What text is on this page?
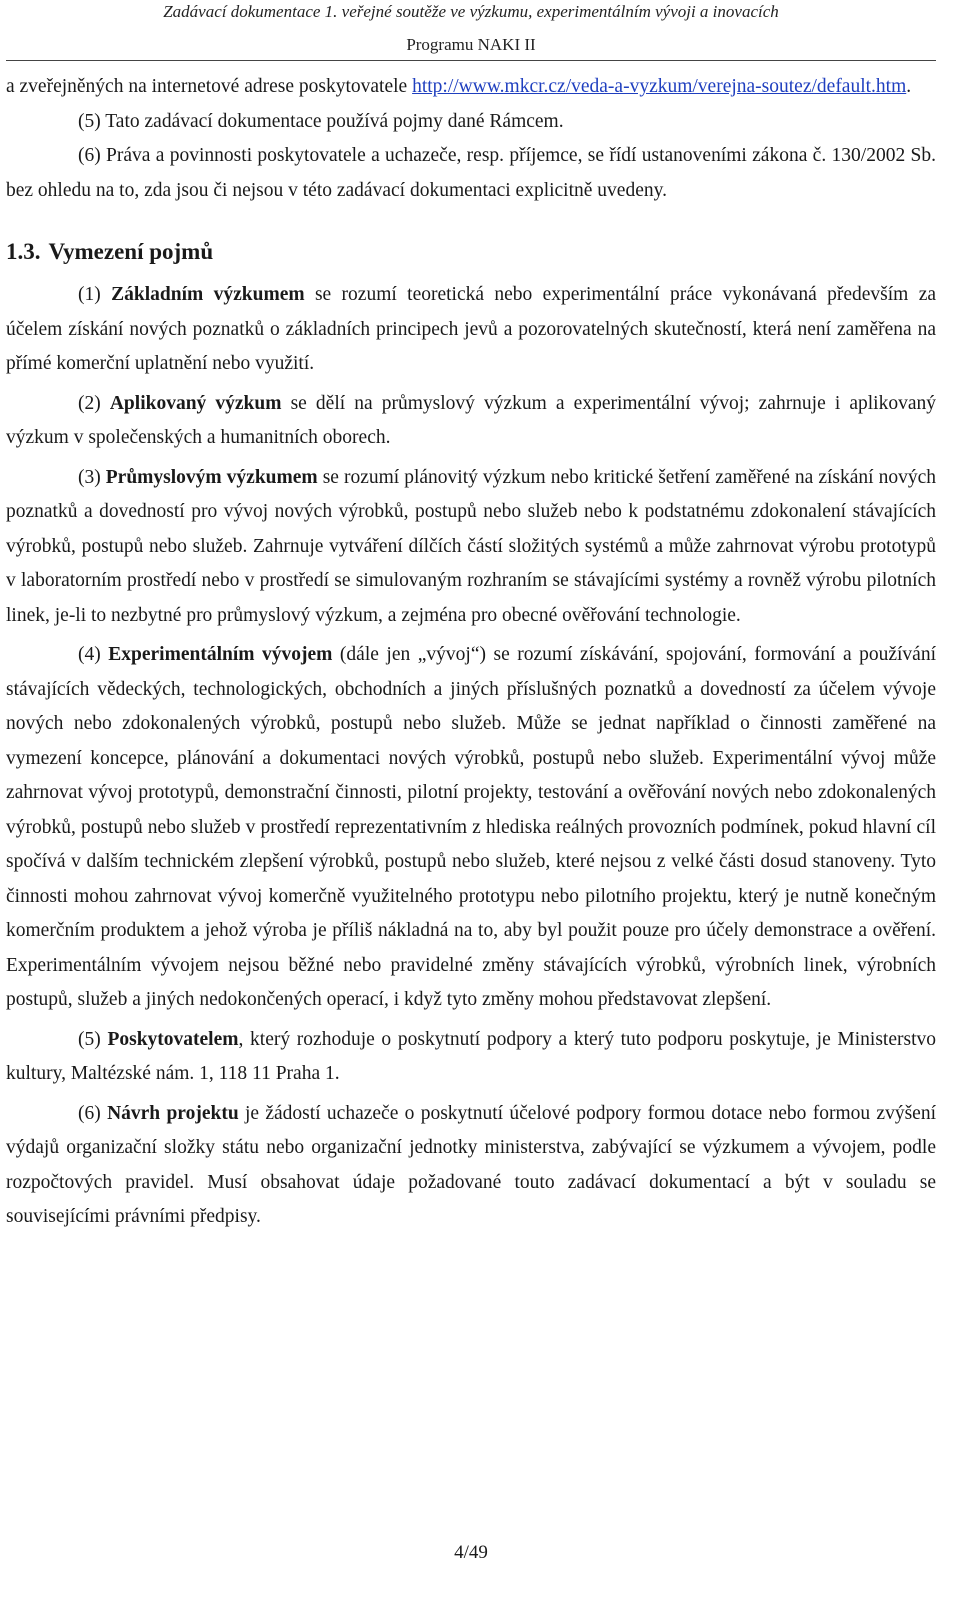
Zadávací dokumentace 1. veřejné soutěže ve výzkumu, experimentálním vývoji a inovacích
Programu NAKI II

a zveřejněných na internetové adrese poskytovatele http://www.mkcr.cz/veda-a-vyzkum/verejna-soutez/default.htm.

(5) Tato zadávací dokumentace používá pojmy dané Rámcem.

(6) Práva a povinnosti poskytovatele a uchazeče, resp. příjemce, se řídí ustanoveními zákona č. 130/2002 Sb. bez ohledu na to, zda jsou či nejsou v této zadávací dokumentaci explicitně uvedeny.

1.3. Vymezení pojmů

(1) Základním výzkumem se rozumí teoretická nebo experimentální práce vykonávaná především za účelem získání nových poznatků o základních principech jevů a pozorovatelných skutečností, která není zaměřena na přímé komerční uplatnění nebo využití.

(2) Aplikovaný výzkum se dělí na průmyslový výzkum a experimentální vývoj; zahrnuje i aplikovaný výzkum v společenských a humanitních oborech.

(3) Průmyslovým výzkumem se rozumí plánovitý výzkum nebo kritické šetření zaměřené na získání nových poznatků a dovedností pro vývoj nových výrobků, postupů nebo služeb nebo k podstatnému zdokonalení stávajících výrobků, postupů nebo služeb. Zahrnuje vytváření dílčích částí složitých systémů a může zahrnovat výrobu prototypů v laboratorním prostředí nebo v prostředí se simulovaným rozhraním se stávajícími systémy a rovněž výrobu pilotních linek, je-li to nezbytné pro průmyslový výzkum, a zejména pro obecné ověřování technologie.

(4) Experimentálním vývojem (dále jen „vývoj“) se rozumí získávání, spojování, formování a používání stávajících vědeckých, technologických, obchodních a jiných příslušných poznatků a dovedností za účelem vývoje nových nebo zdokonalených výrobků, postupů nebo služeb. Může se jednat například o činnosti zaměřené na vymezení koncepce, plánování a dokumentaci nových výrobků, postupů nebo služeb. Experimentální vývoj může zahrnovat vývoj prototypů, demonstrační činnosti, pilotní projekty, testování a ověřování nových nebo zdokonalených výrobků, postupů nebo služeb v prostředí reprezentativním z hlediska reálných provozních podmínek, pokud hlavní cíl spočívá v dalším technickém zlepšení výrobků, postupů nebo služeb, které nejsou z velké části dosud stanoveny. Tyto činnosti mohou zahrnovat vývoj komerčně využitelného prototypu nebo pilotního projektu, který je nutně konečným komerčním produktem a jehož výroba je příliš nákladná na to, aby byl použit pouze pro účely demonstrace a ověření. Experimentálním vývojem nejsou běžné nebo pravidelné změny stávajících výrobků, výrobních linek, výrobních postupů, služeb a jiných nedokončených operací, i když tyto změny mohou představovat zlepšení.

(5) Poskytovatelem, který rozhoduje o poskytnutí podpory a který tuto podporu poskytuje, je Ministerstvo kultury, Maltézské nám. 1, 118 11 Praha 1.

(6) Návrh projektu je žádostí uchazeče o poskytnutí účelové podpory formou dotace nebo formou zvýšení výdajů organizační složky státu nebo organizační jednotky ministerstva, zabývající se výzkumem a vývojem, podle rozpočtových pravidel. Musí obsahovat údaje požadované touto zadávací dokumentací a být v souladu se souvisejícími právními předpisy.

4/49
